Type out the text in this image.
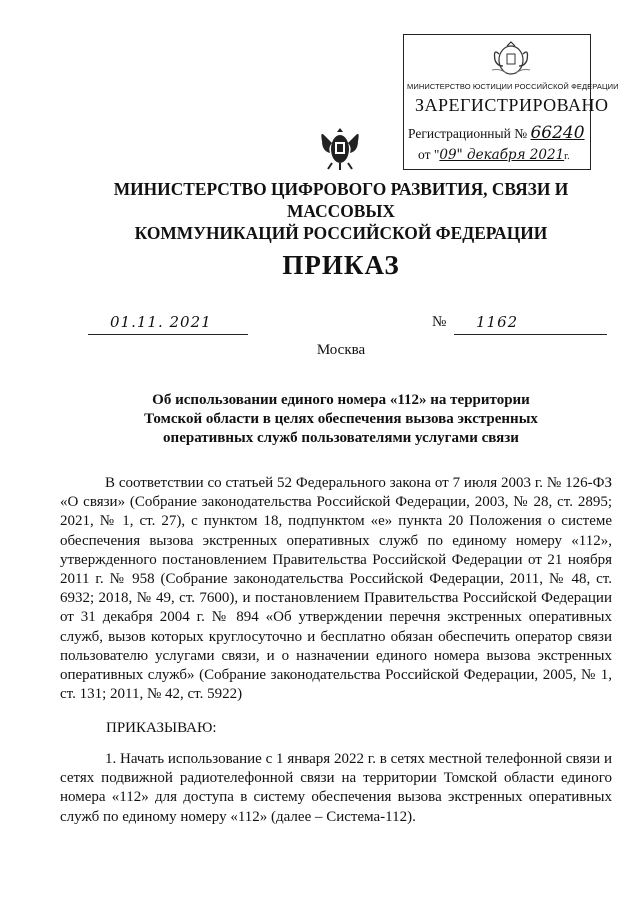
МИНИСТЕРСТВО ЮСТИЦИИ РОССИЙСКОЙ ФЕДЕРАЦИИ
ЗАРЕГИСТРИРОВАНО
Регистрационный № 66240
от "09" декабря 2021г.
МИНИСТЕРСТВО ЦИФРОВОГО РАЗВИТИЯ, СВЯЗИ И МАССОВЫХ
КОММУНИКАЦИЙ РОССИЙСКОЙ ФЕДЕРАЦИИ
ПРИКАЗ
01.11. 2021	№ 1162
Москва
Об использовании единого номера «112» на территории
Томской области в целях обеспечения вызова экстренных
оперативных служб пользователями услугами связи
В соответствии со статьей 52 Федерального закона от 7 июля 2003 г. № 126-ФЗ «О связи» (Собрание законодательства Российской Федерации, 2003, № 28, ст. 2895; 2021, № 1, ст. 27), с пунктом 18, подпунктом «е» пункта 20 Положения о системе обеспечения вызова экстренных оперативных служб по единому номеру «112», утвержденного постановлением Правительства Российской Федерации от 21 ноября 2011 г. № 958 (Собрание законодательства Российской Федерации, 2011, № 48, ст. 6932; 2018, № 49, ст. 7600), и постановлением Правительства Российской Федерации от 31 декабря 2004 г. № 894 «Об утверждении перечня экстренных оперативных служб, вызов которых круглосуточно и бесплатно обязан обеспечить оператор связи пользователю услугами связи, и о назначении единого номера вызова экстренных оперативных служб» (Собрание законодательства Российской Федерации, 2005, № 1, ст. 131; 2011, № 42, ст. 5922)
ПРИКАЗЫВАЮ:
1. Начать использование с 1 января 2022 г. в сетях местной телефонной связи и сетях подвижной радиотелефонной связи на территории Томской области единого номера «112» для доступа в систему обеспечения вызова экстренных оперативных служб по единому номеру «112» (далее – Система-112).
